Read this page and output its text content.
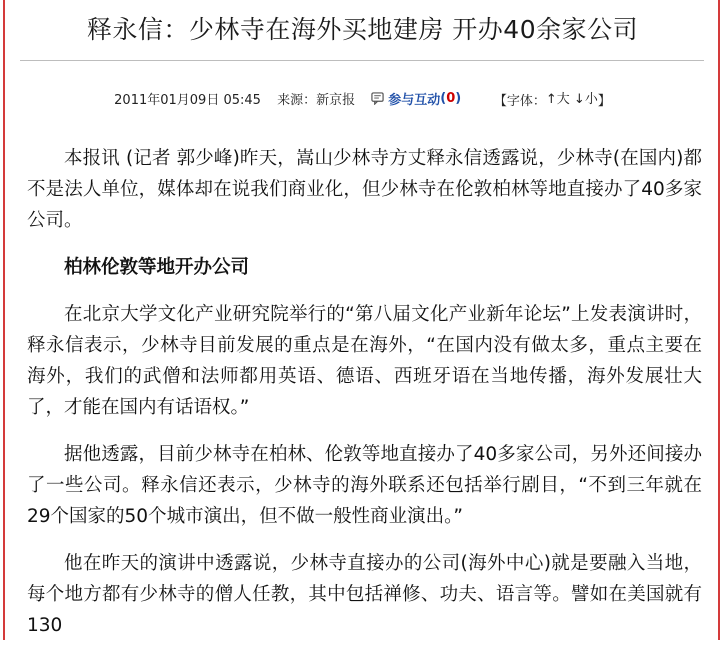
释永信：少林寺在海外买地建房 开办40余家公司
2011年01月09日 05:45 来源：新京报	参与互动(0)	【字体：↑大 ↓小】

本报讯 (记者 郭少峰)昨天，嵩山少林寺方丈释永信透露说，少林寺(在国内)都不是法人单位，媒体却在说我们商业化，但少林寺在伦敦柏林等地直接办了40多家公司。

柏林伦敦等地开办公司

在北京大学文化产业研究院举行的“第八届文化产业新年论坛”上发表演讲时，释永信表示，少林寺目前发展的重点是在海外，“在国内没有做太多，重点主要在海外，我们的武僧和法师都用英语、德语、西班牙语在当地传播，海外发展壮大了，才能在国内有话语权。”

据他透露，目前少林寺在柏林、伦敦等地直接办了40多家公司，另外还间接办了一些公司。释永信还表示，少林寺的海外联系还包括举行剧目，“不到三年就在29个国家的50个城市演出，但不做一般性商业演出。”

他在昨天的演讲中透露说，少林寺直接办的公司(海外中心)就是要融入当地，每个地方都有少林寺的僧人任教，其中包括禅修、功夫、语言等。譬如在美国就有130
